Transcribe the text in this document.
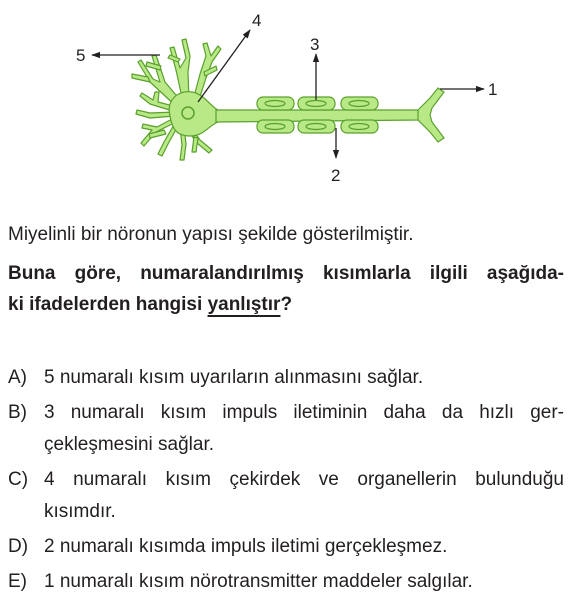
1
2
3
4
5
Miyelinli bir nöronun yapısı şekilde gösterilmiştir.
Buna göre, numaralandırılmış kısımlarla ilgili aşağıda-
ki ifadelerden hangisi yanlıştır?
A) 5 numaralı kısım uyarıların alınmasını sağlar.
B) 3 numaralı kısım impuls iletiminin daha da hızlı ger-
çekleşmesini sağlar.
C) 4 numaralı kısım çekirdek ve organellerin bulunduğu
kısımdır.
D) 2 numaralı kısımda impuls iletimi gerçekleşmez.
E) 1 numaralı kısım nörotransmitter maddeler salgılar.
